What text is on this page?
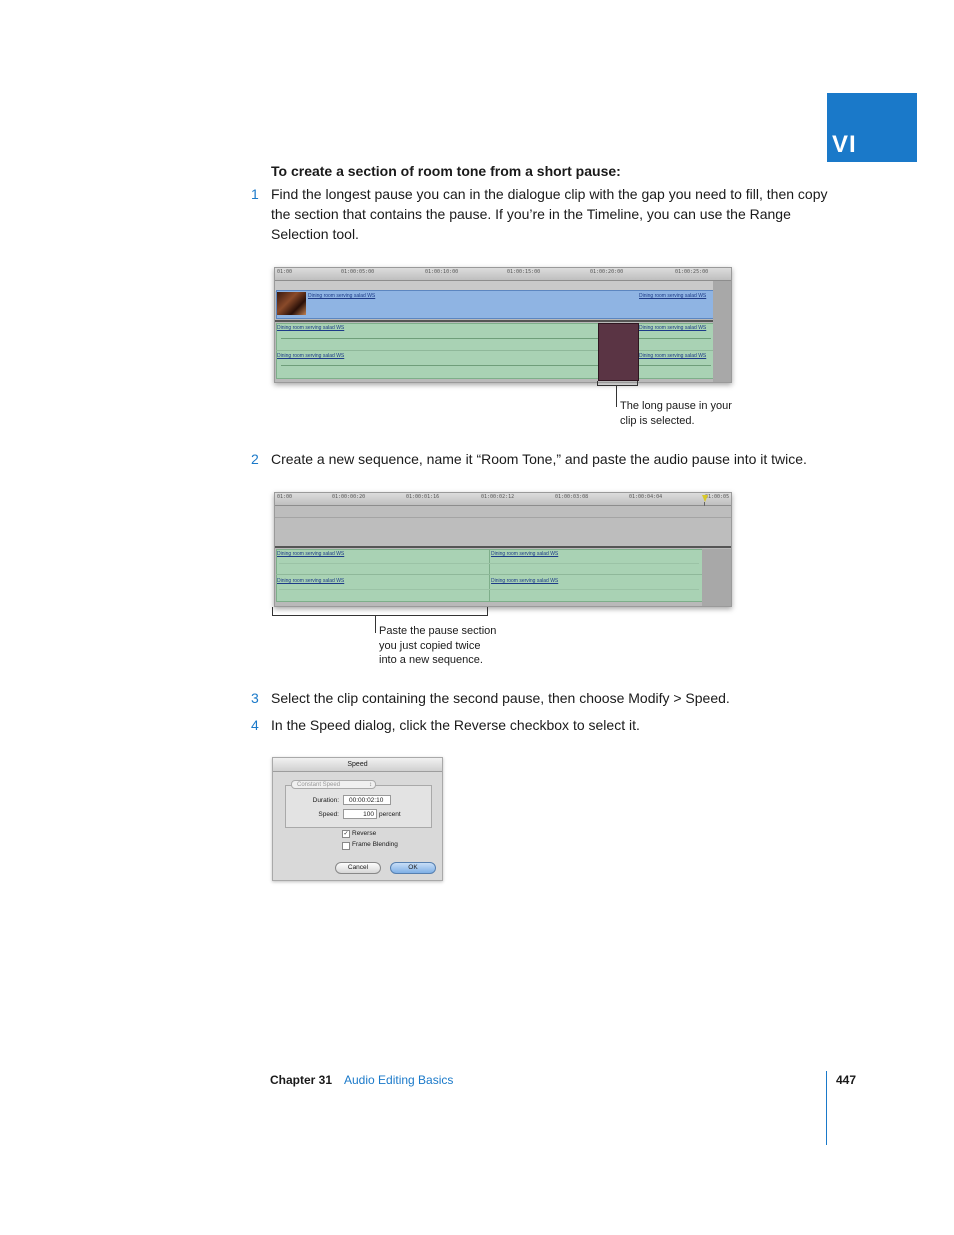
VI
To create a section of room tone from a short pause:
1 Find the longest pause you can in the dialogue clip with the gap you need to fill, then copy the section that contains the pause. If you’re in the Timeline, you can use the Range Selection tool.
01:00	01:00:05:00	01:00:10:00	01:00:15:00	01:00:20:00	01:00:25:00
Dining room serving salad WS	Dining room serving salad WS
Dining room serving salad WS	Dining room serving salad WS
Dining room serving salad WS	Dining room serving salad WS
The long pause in your
clip is selected.
2 Create a new sequence, name it “Room Tone,” and paste the audio pause into it twice.
01:00	01:00:00:20	01:00:01:16	01:00:02:12	01:00:03:08	01:00:04:04	01:00:05
Dining room serving salad WS	Dining room serving salad WS
Dining room serving salad WS	Dining room serving salad WS
Paste the pause section
you just copied twice
into a new sequence.
3 Select the clip containing the second pause, then choose Modify > Speed.
4 In the Speed dialog, click the Reverse checkbox to select it.
Speed
Constant Speed	↕
Duration:	00:00:02:10
Speed:	100 percent
✓ Reverse
Frame Blending
Cancel	OK
Chapter 31 Audio Editing Basics	447
